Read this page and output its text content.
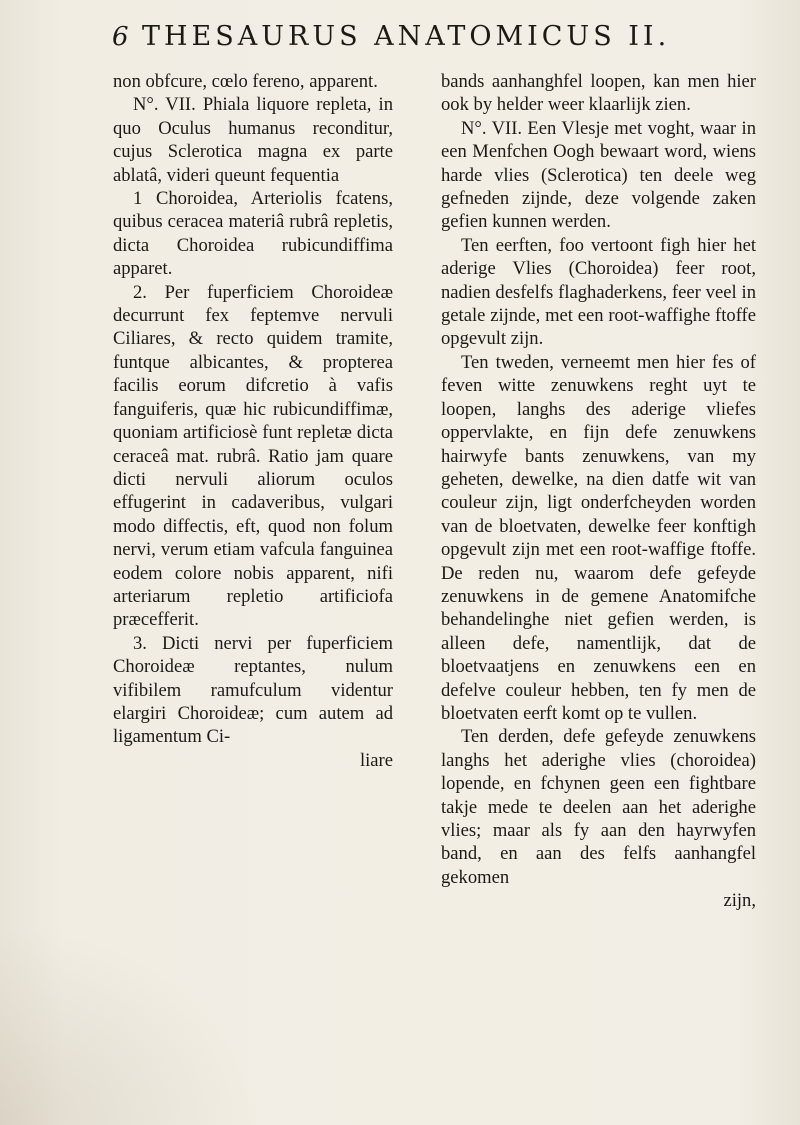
6 THESAURUS ANATOMICUS II.

non obfcure, cœlo fereno, apparent.

N°. VII. Phiala liquore repleta, in quo Oculus humanus reconditur, cujus Sclerotica magna ex parte ablatâ, videri queunt fequentia

1 Choroidea, Arteriolis fcatens, quibus ceracea materiâ rubrâ repletis, dicta Choroidea rubicundiffima apparet.

2. Per fuperficiem Choroideæ decurrunt fex feptemve nervuli Ciliares, & recto quidem tramite, funtque albicantes, & propterea facilis eorum difcretio à vafis fanguiferis, quæ hic rubicundiffimæ, quoniam artificiosè funt repletæ dicta ceraceâ mat. rubrâ. Ratio jam quare dicti nervuli aliorum oculos effugerint in cadaveribus, vulgari modo diffectis, eft, quod non folum nervi, verum etiam vafcula fanguinea eodem colore nobis apparent, nifi arteriarum repletio artificiofa præcefferit.

3. Dicti nervi per fuperficiem Choroideæ reptantes, nulum vifibilem ramufculum videntur elargiri Choroideæ; cum autem ad ligamentum Ci-

liare

bands aanhanghfel loopen, kan men hier ook by helder weer klaarlijk zien.

N°. VII. Een Vlesje met voght, waar in een Menfchen Oogh bewaart word, wiens harde vlies (Sclerotica) ten deele weg gefneden zijnde, deze volgende zaken gefien kunnen werden.

Ten eerften, foo vertoont figh hier het aderige Vlies (Choroidea) feer root, nadien desfelfs flaghaderkens, feer veel in getale zijnde, met een root-waffighe ftoffe opgevult zijn.

Ten tweden, verneemt men hier fes of feven witte zenuwkens reght uyt te loopen, langhs des aderige vliefes oppervlakte, en fijn defe zenuwkens hairwyfe bants zenuwkens, van my geheten, dewelke, na dien datfe wit van couleur zijn, ligt onderfcheyden worden van de bloetvaten, dewelke feer konftigh opgevult zijn met een root-waffige ftoffe. De reden nu, waarom defe gefeyde zenuwkens in de gemene Anatomifche behandelinghe niet gefien werden, is alleen defe, namentlijk, dat de bloetvaatjens en zenuwkens een en defelve couleur hebben, ten fy men de bloetvaten eerft komt op te vullen.

Ten derden, defe gefeyde zenuwkens langhs het aderighe vlies (choroidea) lopende, en fchynen geen een fightbare takje mede te deelen aan het aderighe vlies; maar als fy aan den hayrwyfen band, en aan des felfs aanhangfel gekomen

zijn,
